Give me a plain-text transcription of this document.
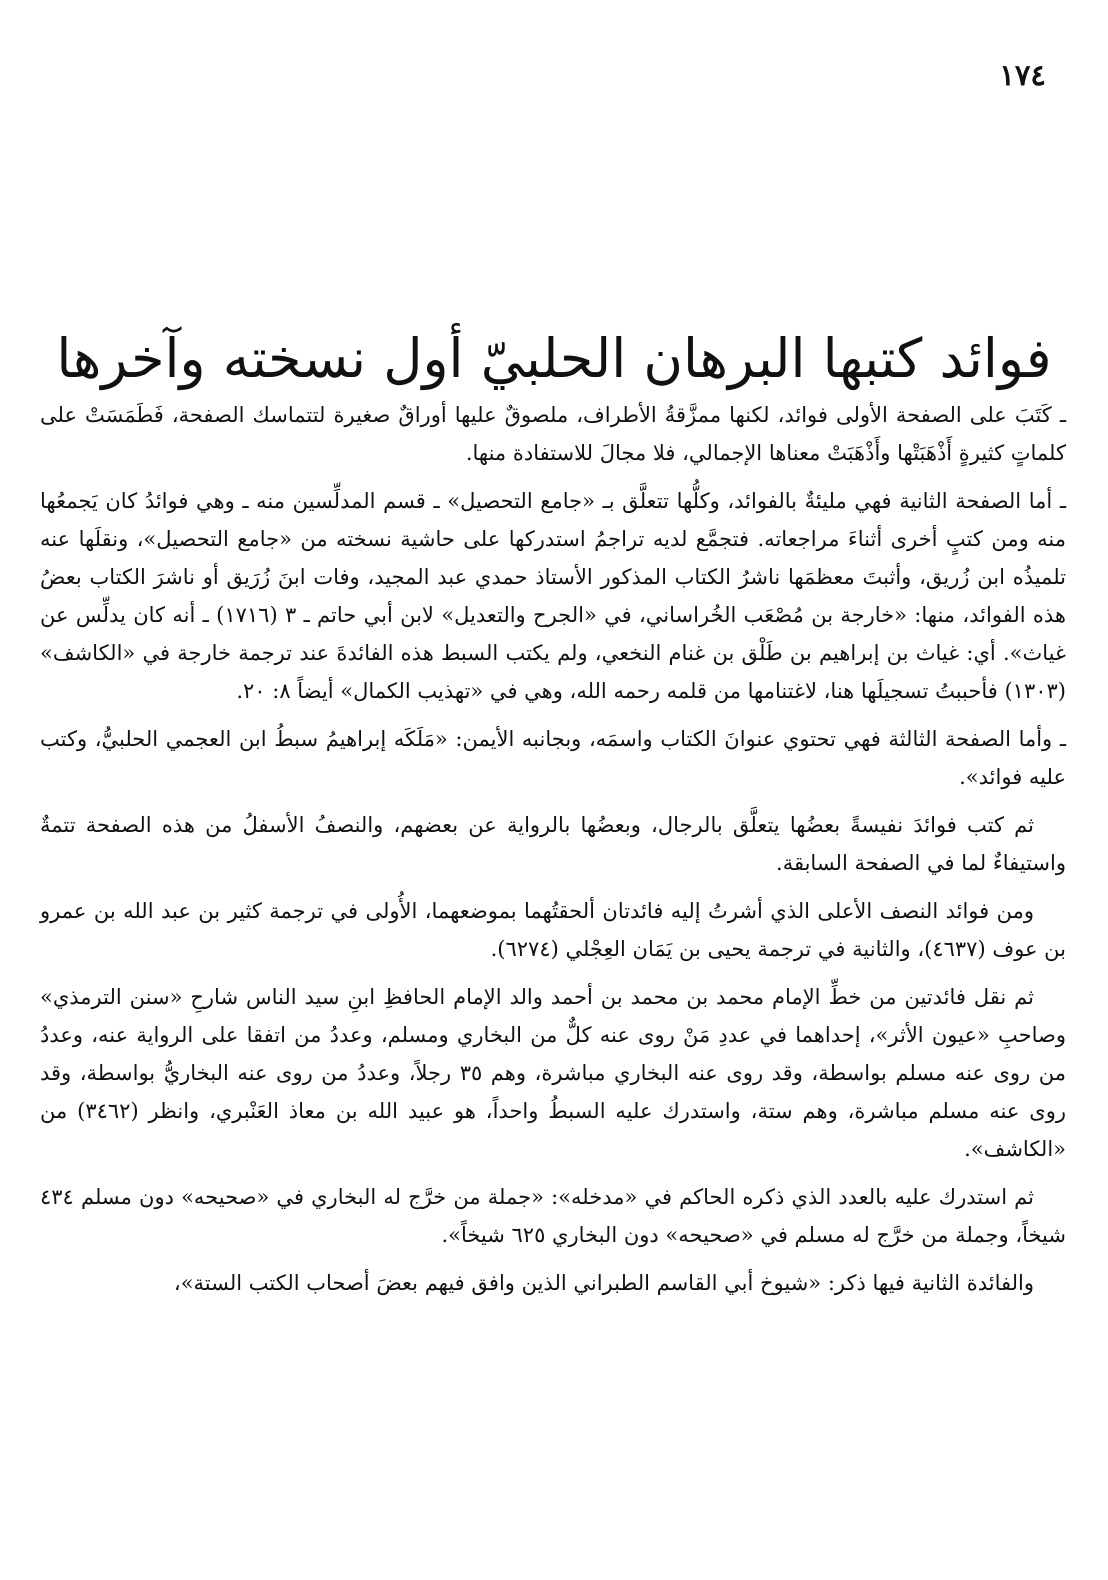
١٧٤
فوائد كتبها البرهان الحلبيّ أول نسخته وآخرها

ـ كَتَبَ على الصفحة الأولى فوائد، لكنها ممزَّقةُ الأطراف، ملصوقٌ عليها أوراقٌ صغيرة لتتماسك الصفحة، فَطَمَسَتْ على كلماتٍ كثيرةٍ أَذْهَبَتْها وأَذْهَبَتْ معناها الإجمالي، فلا مجالَ للاستفادة منها.

ـ أما الصفحة الثانية فهي مليئةٌ بالفوائد، وكلُّها تتعلَّق بـ «جامع التحصيل» ـ قسم المدلِّسين منه ـ وهي فوائدُ كان يَجمعُها منه ومن كتبٍ أخرى أثناءَ مراجعاته. فتجمَّع لديه تراجمُ استدركها على حاشية نسخته من «جامع التحصيل»، ونقلَها عنه تلميذُه ابن زُريق، وأثبتَ معظمَها ناشرُ الكتاب المذكور الأستاذ حمدي عبد المجيد، وفات ابنَ زُرَيق أو ناشرَ الكتاب بعضُ هذه الفوائد، منها: «خارجة بن مُصْعَب الخُراساني، في «الجرح والتعديل» لابن أبي حاتم ـ ٣ (١٧١٦) ـ أنه كان يدلِّس عن غياث». أي: غياث بن إبراهيم بن طَلْق بن غنام النخعي، ولم يكتب السبط هذه الفائدةَ عند ترجمة خارجة في «الكاشف» (١٣٠٣) فأحببتُ تسجيلَها هنا، لاغتنامها من قلمه رحمه الله، وهي في «تهذيب الكمال» أيضاً ٨: ٢٠.

ـ وأما الصفحة الثالثة فهي تحتوي عنوانَ الكتاب واسمَه، وبجانبه الأيمن: «مَلَكَه إبراهيمُ سبطُ ابن العجمي الحلبيُّ، وكتب عليه فوائد».

ثم كتب فوائدَ نفيسةً بعضُها يتعلَّق بالرجال، وبعضُها بالرواية عن بعضهم، والنصفُ الأسفلُ من هذه الصفحة تتمةٌ واستيفاءٌ لما في الصفحة السابقة.

ومن فوائد النصف الأعلى الذي أشرتُ إليه فائدتان ألحقتُهما بموضعهما، الأُولى في ترجمة كثير بن عبد الله بن عمرو بن عوف (٤٦٣٧)، والثانية في ترجمة يحيى بن يَمَان العِجْلي (٦٢٧٤).

ثم نقل فائدتين من خطِّ الإمام محمد بن محمد بن أحمد والد الإمام الحافظِ ابنِ سيد الناس شارحِ «سنن الترمذي» وصاحبِ «عيون الأثر»، إحداهما في عددِ مَنْ روى عنه كلٌّ من البخاري ومسلم، وعددُ من اتفقا على الرواية عنه، وعددُ من روى عنه مسلم بواسطة، وقد روى عنه البخاري مباشرة، وهم ٣٥ رجلاً، وعددُ من روى عنه البخاريُّ بواسطة، وقد روى عنه مسلم مباشرة، وهم ستة، واستدرك عليه السبطُ واحداً، هو عبيد الله بن معاذ العَنْبري، وانظر (٣٤٦٢) من «الكاشف».

ثم استدرك عليه بالعدد الذي ذكره الحاكم في «مدخله»: «جملة من خرَّج له البخاري في «صحيحه» دون مسلم ٤٣٤ شيخاً، وجملة من خرَّج له مسلم في «صحيحه» دون البخاري ٦٢٥ شيخاً».

والفائدة الثانية فيها ذكر: «شيوخ أبي القاسم الطبراني الذين وافق فيهم بعضَ أصحاب الكتب الستة»،
